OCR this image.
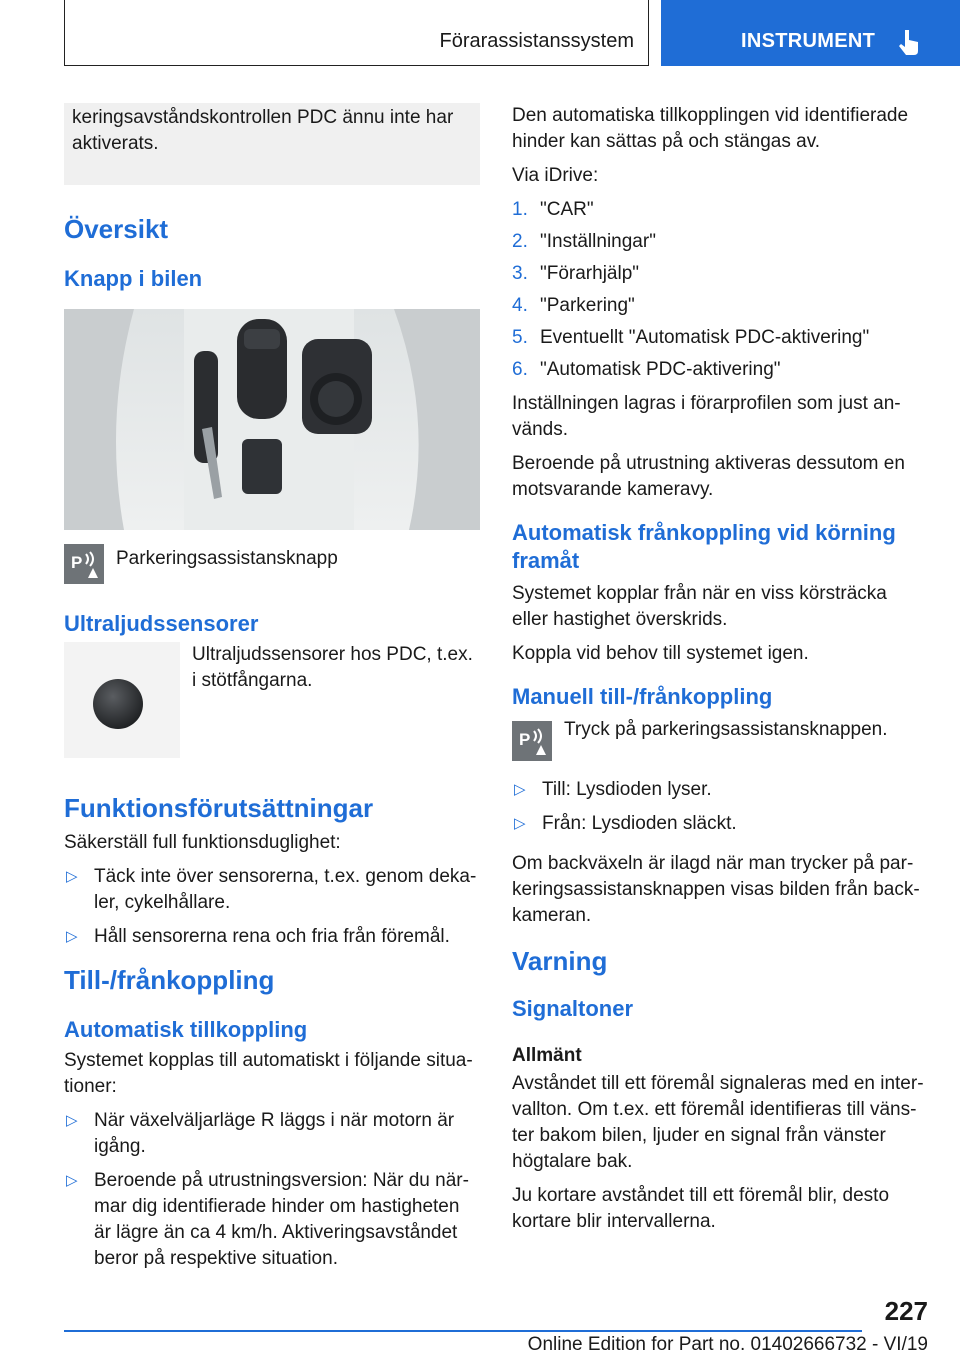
Förarassistanssystem	INSTRUMENT

keringsavståndskontrollen PDC ännu inte har aktiverats.

Översikt
Knapp i bilen
P Parkeringsassistansknapp
Ultraljudssensorer

Ultraljudssensorer hos PDC, t.ex. i stötfångarna.

Funktionsförutsättningar

Säkerställ full funktionsduglighet:

▷ Täck inte över sensorerna, t.ex. genom deka-ler, cykelhållare.
▷ Håll sensorerna rena och fria från föremål.
Till-/frånkoppling
Automatisk tillkoppling

Systemet kopplas till automatiskt i följande situa-tioner:

▷ När växelväljarläge R läggs i när motorn är igång.
▷ Beroende på utrustningsversion: När du när-mar dig identifierade hinder om hastigheten är lägre än ca 4 km/h. Aktiveringsavståndet beror på respektive situation.

Den automatiska tillkopplingen vid identifierade hinder kan sättas på och stängas av.

Via iDrive:

1. "CAR"
2. "Inställningar"
3. "Förarhjälp"
4. "Parkering"
5. Eventuellt "Automatisk PDC-aktivering"
6. "Automatisk PDC-aktivering"

Inställningen lagras i förarprofilen som just an-vänds.

Beroende på utrustning aktiveras dessutom en motsvarande kameravy.

Automatisk frånkoppling vid körning framåt

Systemet kopplar från när en viss körsträcka eller hastighet överskrids.

Koppla vid behov till systemet igen.

Manuell till-/frånkoppling
P Tryck på parkeringsassistansknappen.
▷ Till: Lysdioden lyser.
▷ Från: Lysdioden släckt.

Om backväxeln är ilagd när man trycker på par-keringsassistansknappen visas bilden från back-kameran.

Varning
Signaltoner
Allmänt

Avståndet till ett föremål signaleras med en inter-vallton. Om t.ex. ett föremål identifieras till väns-ter bakom bilen, ljuder en signal från vänster högtalare bak.

Ju kortare avståndet till ett föremål blir, desto kortare blir intervallerna.

227
Online Edition for Part no. 01402666732 - VI/19
